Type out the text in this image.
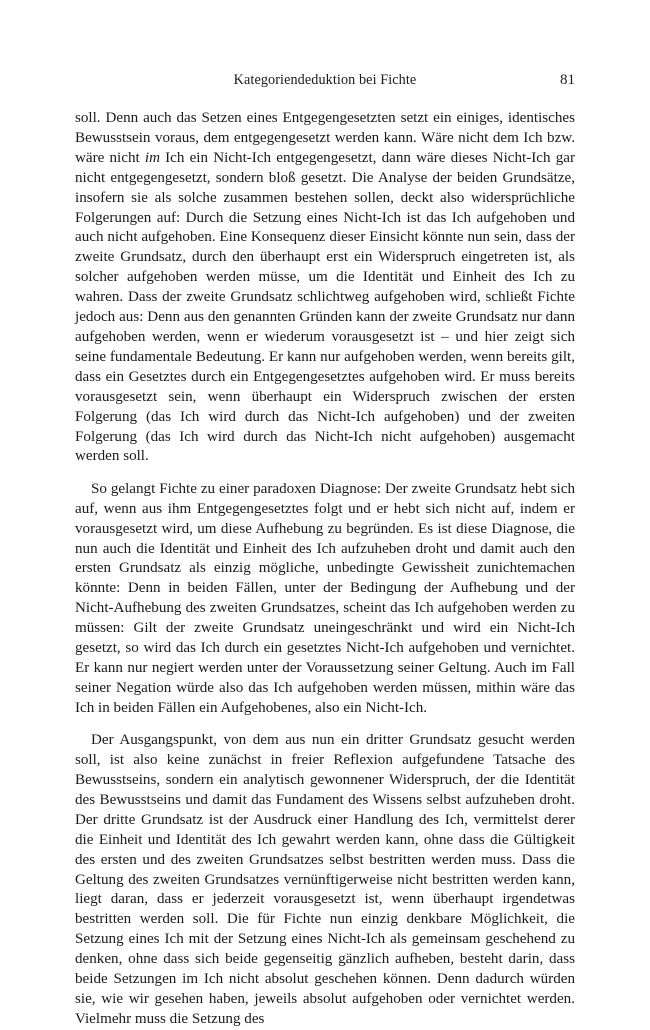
Kategoriendeduktion bei Fichte	81

soll. Denn auch das Setzen eines Entgegengesetzten setzt ein einiges, identisches Bewusstsein voraus, dem entgegengesetzt werden kann. Wäre nicht dem Ich bzw. wäre nicht im Ich ein Nicht-Ich entgegengesetzt, dann wäre dieses Nicht-Ich gar nicht entgegengesetzt, sondern bloß gesetzt. Die Analyse der beiden Grundsätze, insofern sie als solche zusammen bestehen sollen, deckt also widersprüchliche Folgerungen auf: Durch die Setzung eines Nicht-Ich ist das Ich aufgehoben und auch nicht aufgehoben. Eine Konsequenz dieser Einsicht könnte nun sein, dass der zweite Grundsatz, durch den überhaupt erst ein Widerspruch eingetreten ist, als solcher aufgehoben werden müsse, um die Identität und Einheit des Ich zu wahren. Dass der zweite Grundsatz schlichtweg aufgehoben wird, schließt Fichte jedoch aus: Denn aus den genannten Gründen kann der zweite Grundsatz nur dann aufgehoben werden, wenn er wiederum vorausgesetzt ist – und hier zeigt sich seine fundamentale Bedeutung. Er kann nur aufgehoben werden, wenn bereits gilt, dass ein Gesetztes durch ein Entgegengesetztes aufgehoben wird. Er muss bereits vorausgesetzt sein, wenn überhaupt ein Widerspruch zwischen der ersten Folgerung (das Ich wird durch das Nicht-Ich aufgehoben) und der zweiten Folgerung (das Ich wird durch das Nicht-Ich nicht aufgehoben) ausgemacht werden soll.

So gelangt Fichte zu einer paradoxen Diagnose: Der zweite Grundsatz hebt sich auf, wenn aus ihm Entgegengesetztes folgt und er hebt sich nicht auf, indem er vorausgesetzt wird, um diese Aufhebung zu begründen. Es ist diese Diagnose, die nun auch die Identität und Einheit des Ich aufzuheben droht und damit auch den ersten Grundsatz als einzig mögliche, unbedingte Gewissheit zunichtemachen könnte: Denn in beiden Fällen, unter der Bedingung der Aufhebung und der Nicht-Aufhebung des zweiten Grundsatzes, scheint das Ich aufgehoben werden zu müssen: Gilt der zweite Grundsatz uneingeschränkt und wird ein Nicht-Ich gesetzt, so wird das Ich durch ein gesetztes Nicht-Ich aufgehoben und vernichtet. Er kann nur negiert werden unter der Voraussetzung seiner Geltung. Auch im Fall seiner Negation würde also das Ich aufgehoben werden müssen, mithin wäre das Ich in beiden Fällen ein Aufgehobenes, also ein Nicht-Ich.

Der Ausgangspunkt, von dem aus nun ein dritter Grundsatz gesucht werden soll, ist also keine zunächst in freier Reflexion aufgefundene Tatsache des Bewusstseins, sondern ein analytisch gewonnener Widerspruch, der die Identität des Bewusstseins und damit das Fundament des Wissens selbst aufzuheben droht. Der dritte Grundsatz ist der Ausdruck einer Handlung des Ich, vermittelst derer die Einheit und Identität des Ich gewahrt werden kann, ohne dass die Gültigkeit des ersten und des zweiten Grundsatzes selbst bestritten werden muss. Dass die Geltung des zweiten Grundsatzes vernünftigerweise nicht bestritten werden kann, liegt daran, dass er jederzeit vorausgesetzt ist, wenn überhaupt irgendetwas bestritten werden soll. Die für Fichte nun einzig denkbare Möglichkeit, die Setzung eines Ich mit der Setzung eines Nicht-Ich als gemeinsam geschehend zu denken, ohne dass sich beide gegenseitig gänzlich aufheben, besteht darin, dass beide Setzungen im Ich nicht absolut geschehen können. Denn dadurch würden sie, wie wir gesehen haben, jeweils absolut aufgehoben oder vernichtet werden. Vielmehr muss die Setzung des
